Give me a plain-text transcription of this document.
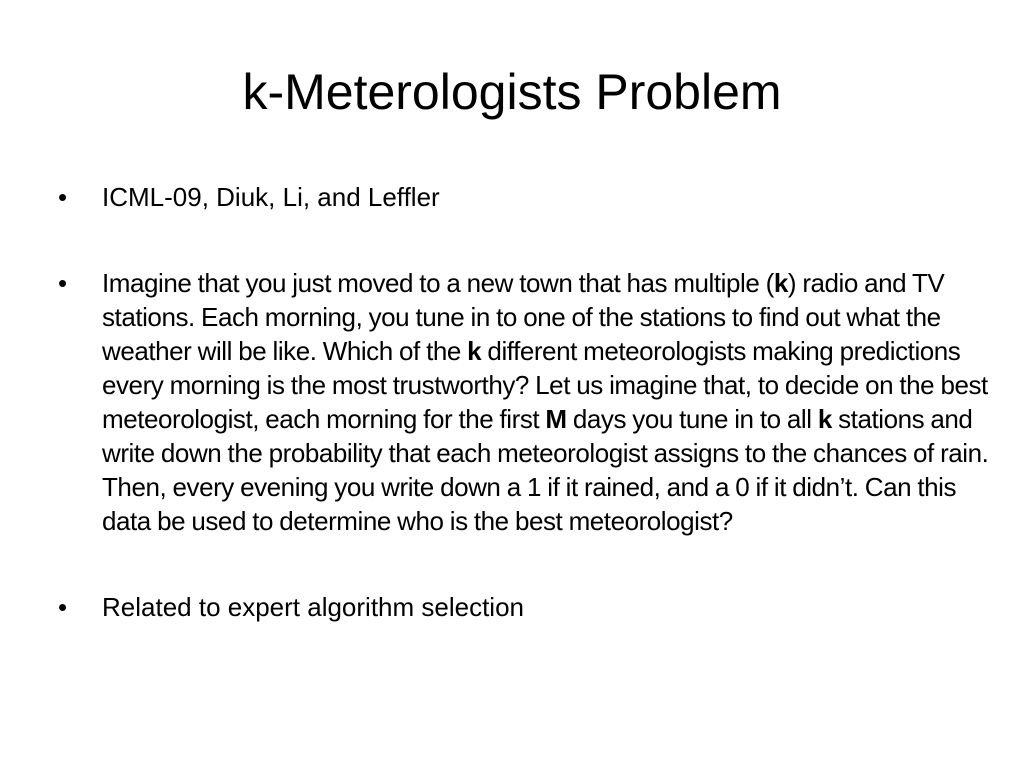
k-Meterologists Problem
•	ICML-09, Diuk, Li, and Leffler
•	Imagine that you just moved to a new town that has multiple (k) radio and TV stations. Each morning, you tune in to one of the stations to find out what the weather will be like. Which of the k different meteorologists making predictions every morning is the most trustworthy? Let us imagine that, to decide on the best meteorologist, each morning for the first M days you tune in to all k stations and write down the probability that each meteorologist assigns to the chances of rain. Then, every evening you write down a 1 if it rained, and a 0 if it didn’t. Can this data be used to determine who is the best meteorologist?
•	Related to expert algorithm selection
